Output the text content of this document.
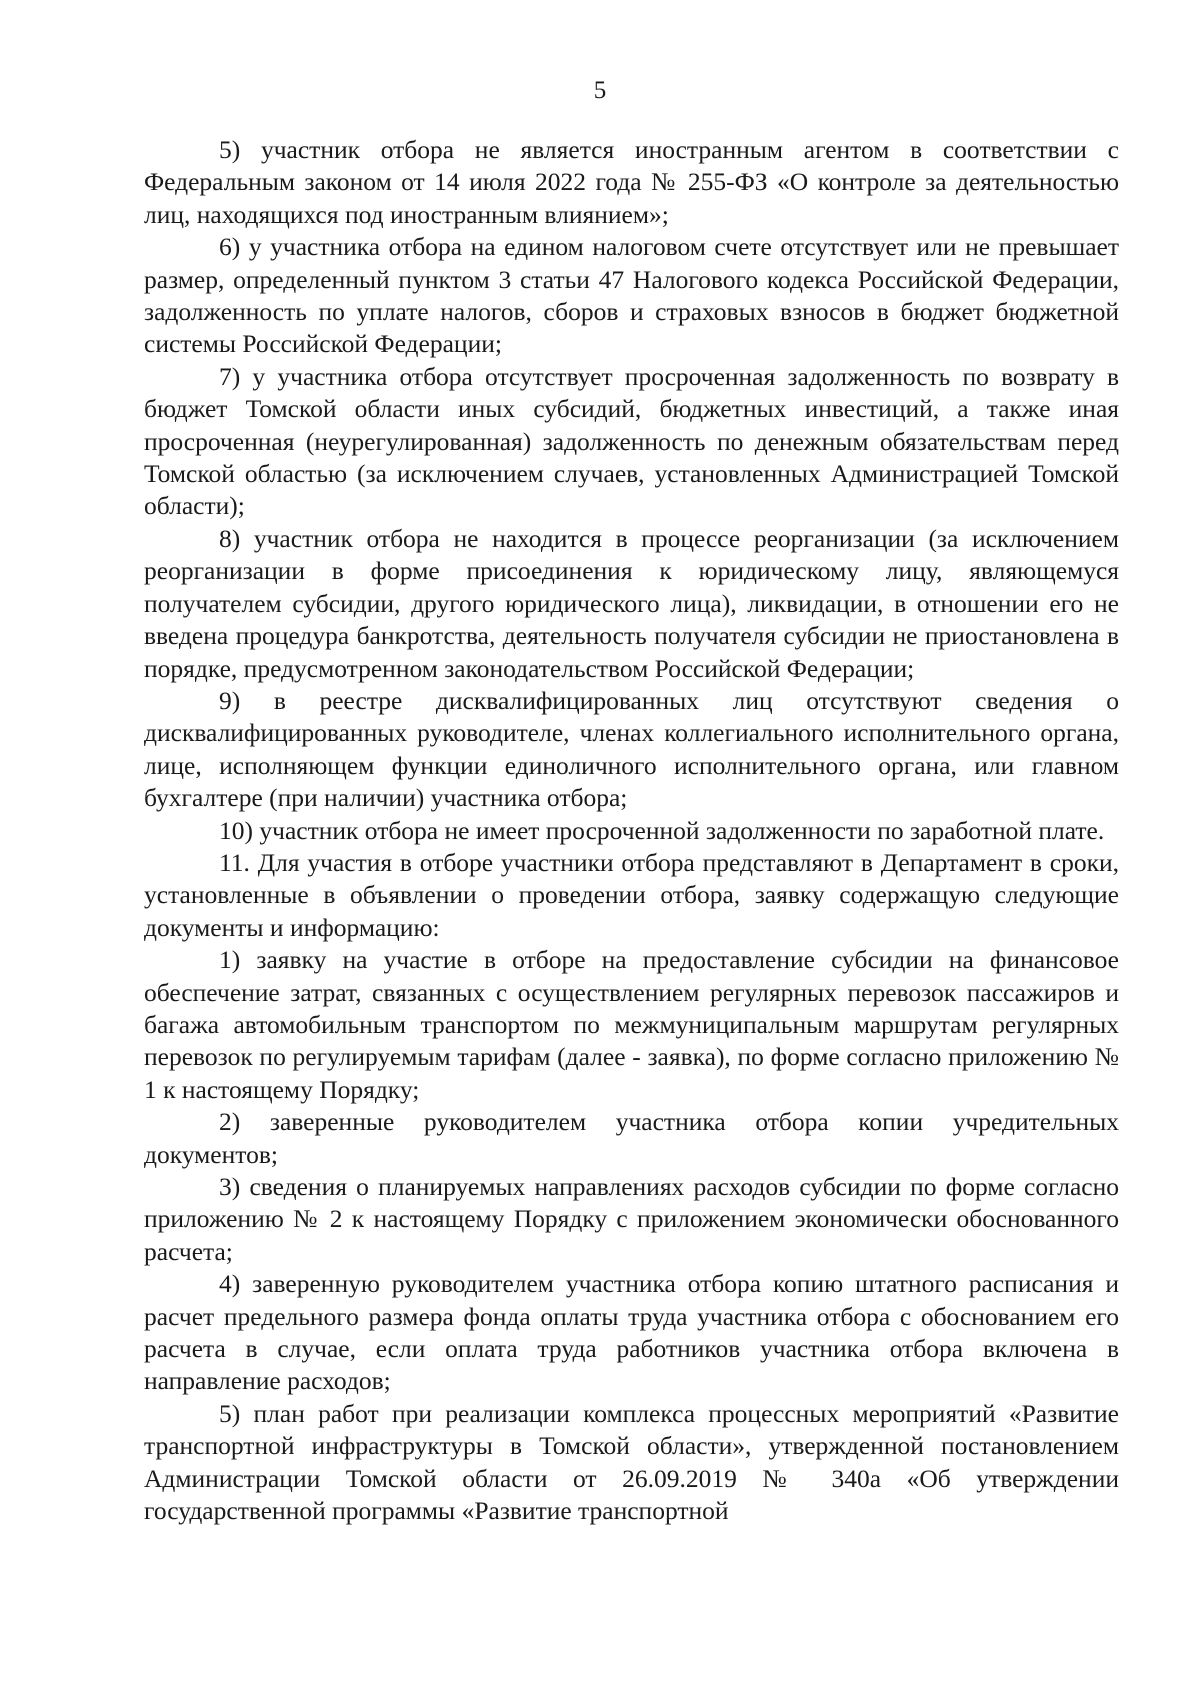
5

5) участник отбора не является иностранным агентом в соответствии с Федеральным законом от 14 июля 2022 года № 255-ФЗ «О контроле за деятельностью лиц, находящихся под иностранным влиянием»;

6) у участника отбора на едином налоговом счете отсутствует или не превышает размер, определенный пунктом 3 статьи 47 Налогового кодекса Российской Федерации, задолженность по уплате налогов, сборов и страховых взносов в бюджет бюджетной системы Российской Федерации;

7) у участника отбора отсутствует просроченная задолженность по возврату в бюджет Томской области иных субсидий, бюджетных инвестиций, а также иная просроченная (неурегулированная) задолженность по денежным обязательствам перед Томской областью (за исключением случаев, установленных Администрацией Томской области);

8) участник отбора не находится в процессе реорганизации (за исключением реорганизации в форме присоединения к юридическому лицу, являющемуся получателем субсидии, другого юридического лица), ликвидации, в отношении его не введена процедура банкротства, деятельность получателя субсидии не приостановлена в порядке, предусмотренном законодательством Российской Федерации;

9) в реестре дисквалифицированных лиц отсутствуют сведения о дисквалифицированных руководителе, членах коллегиального исполнительного органа, лице, исполняющем функции единоличного исполнительного органа, или главном бухгалтере (при наличии) участника отбора;

10) участник отбора не имеет просроченной задолженности по заработной плате.

11. Для участия в отборе участники отбора представляют в Департамент в сроки, установленные в объявлении о проведении отбора, заявку содержащую следующие документы и информацию:

1) заявку на участие в отборе на предоставление субсидии на финансовое обеспечение затрат, связанных с осуществлением регулярных перевозок пассажиров и багажа автомобильным транспортом по межмуниципальным маршрутам регулярных перевозок по регулируемым тарифам (далее - заявка), по форме согласно приложению № 1 к настоящему Порядку;

2) заверенные руководителем участника отбора копии учредительных документов;

3) сведения о планируемых направлениях расходов субсидии по форме согласно приложению № 2 к настоящему Порядку с приложением экономически обоснованного расчета;

4) заверенную руководителем участника отбора копию штатного расписания и расчет предельного размера фонда оплаты труда участника отбора с обоснованием его расчета в случае, если оплата труда работников участника отбора включена в направление расходов;

5) план работ при реализации комплекса процессных мероприятий «Развитие транспортной инфраструктуры в Томской области», утвержденной постановлением Администрации Томской области от 26.09.2019 № 340а «Об утверждении государственной программы «Развитие транспортной
